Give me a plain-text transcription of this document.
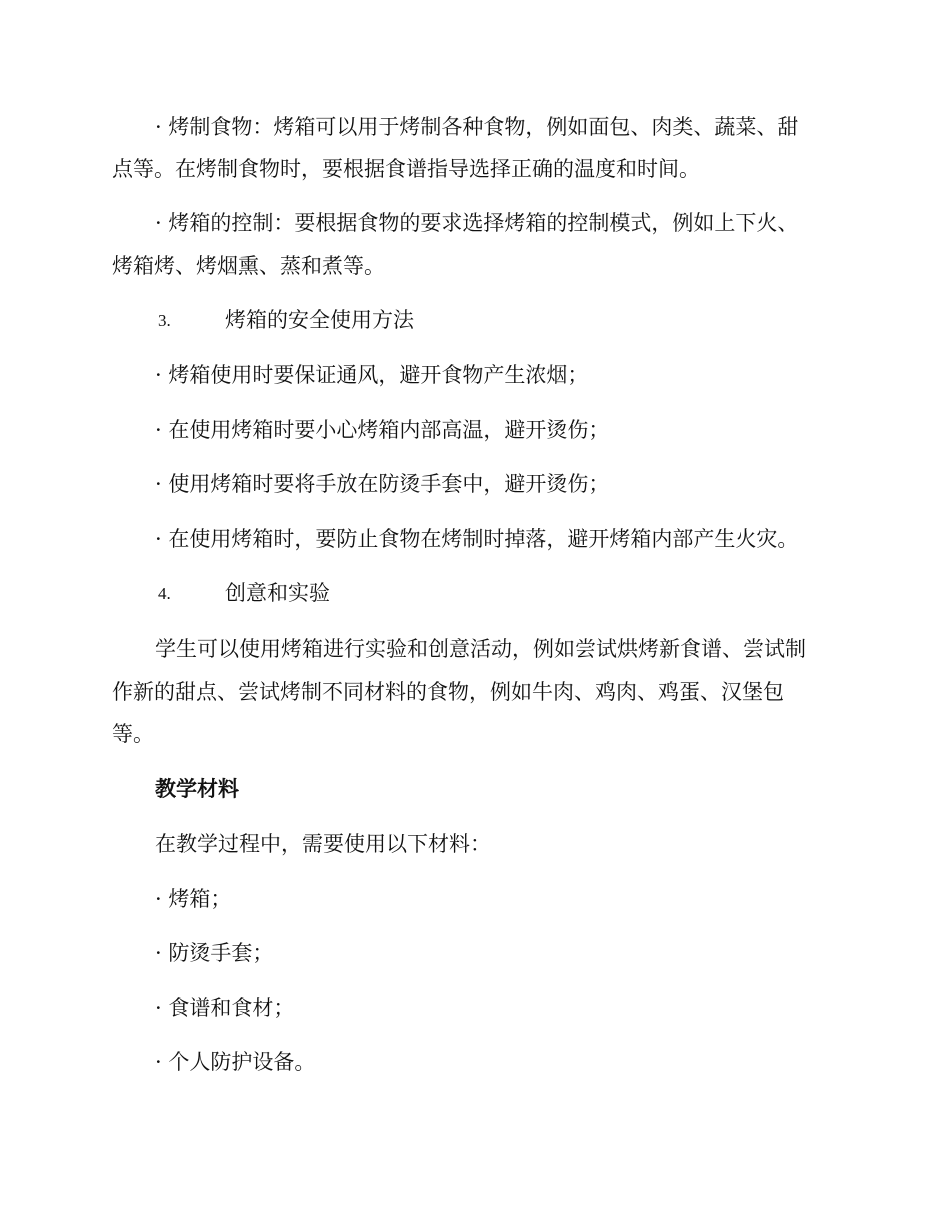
· 烤制食物：烤箱可以用于烤制各种食物，例如面包、肉类、蔬菜、甜
点等。在烤制食物时，要根据食谱指导选择正确的温度和时间。
· 烤箱的控制：要根据食物的要求选择烤箱的控制模式，例如上下火、
烤箱烤、烤烟熏、蒸和煮等。
3.	烤箱的安全使用方法
· 烤箱使用时要保证通风，避开食物产生浓烟；
· 在使用烤箱时要小心烤箱内部高温，避开烫伤；
· 使用烤箱时要将手放在防烫手套中，避开烫伤；
· 在使用烤箱时，要防止食物在烤制时掉落，避开烤箱内部产生火灾。
4.	创意和实验
学生可以使用烤箱进行实验和创意活动，例如尝试烘烤新食谱、尝试制
作新的甜点、尝试烤制不同材料的食物，例如牛肉、鸡肉、鸡蛋、汉堡包
等。
教学材料
在教学过程中，需要使用以下材料：
· 烤箱；
· 防烫手套；
· 食谱和食材；
· 个人防护设备。
